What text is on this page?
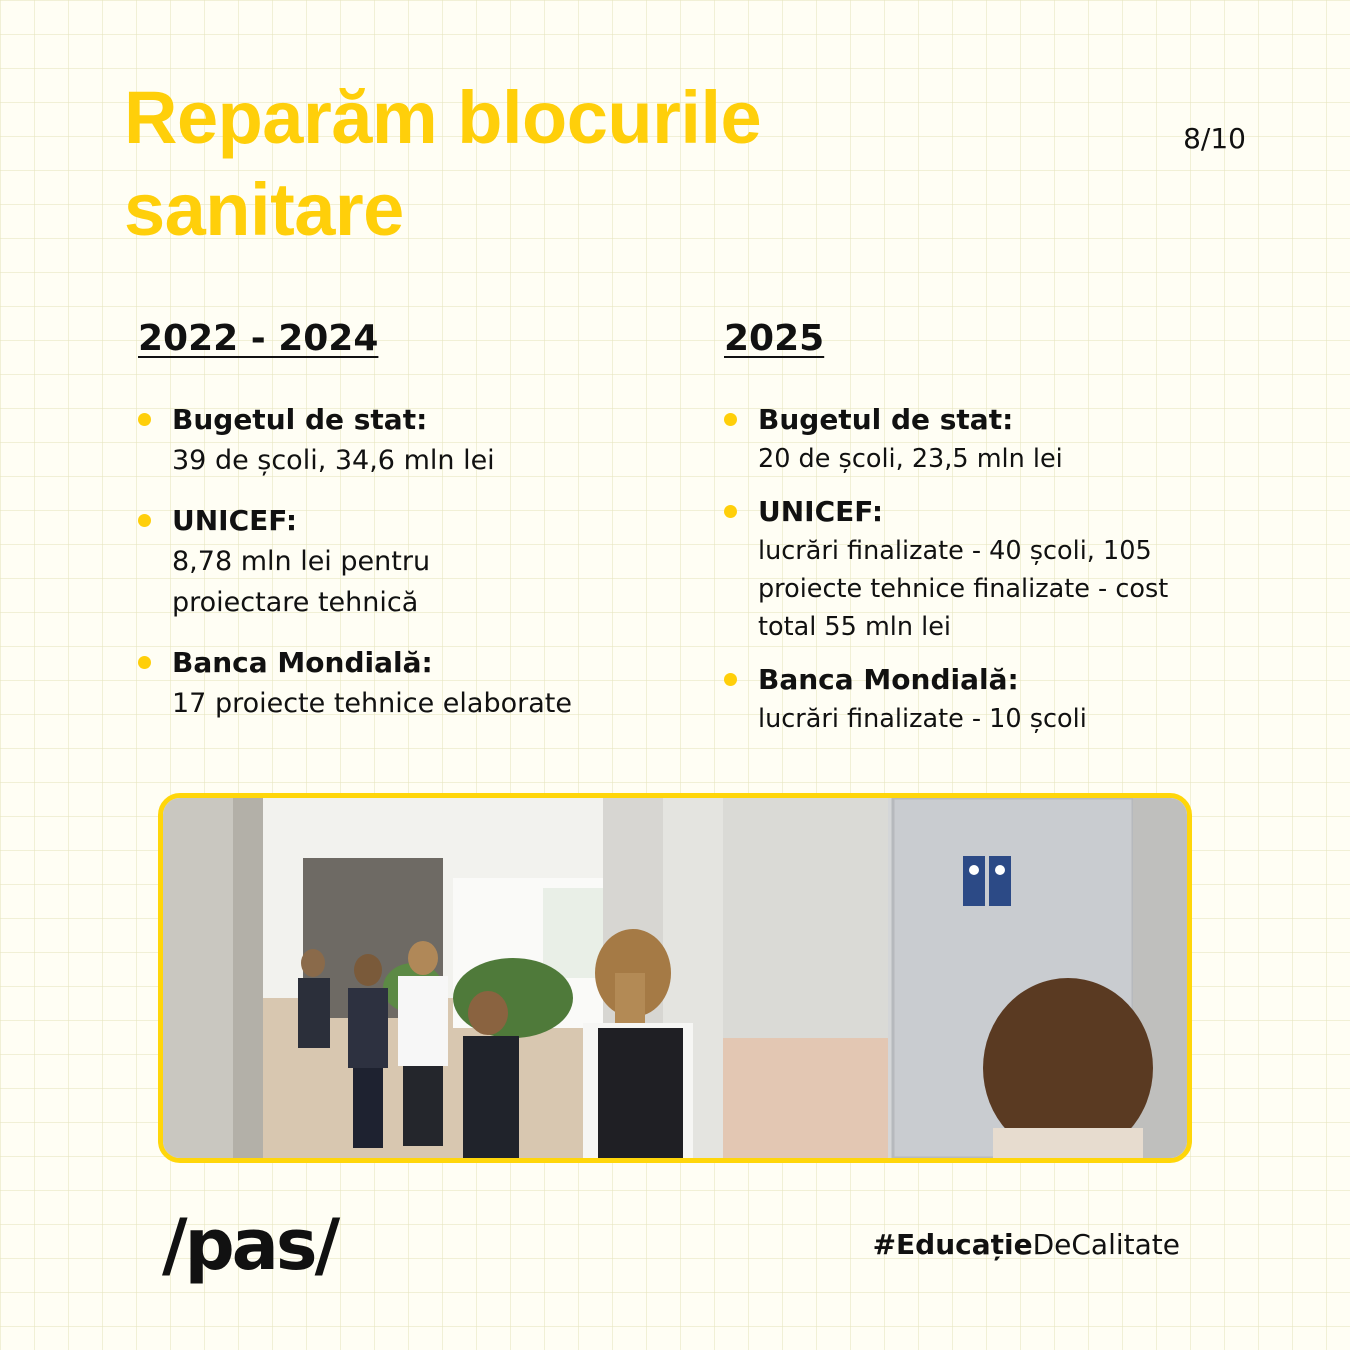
Reparăm blocurile sanitare
8/10
2022 - 2024
Bugetul de stat:
39 de școli, 34,6 mln lei
UNICEF:
8,78 mln lei pentru proiectare tehnică
Banca Mondială:
17 proiecte tehnice elaborate
2025
Bugetul de stat:
20 de școli, 23,5 mln lei
UNICEF:
lucrări finalizate - 40 școli, 105 proiecte tehnice finalizate - cost total 55 mln lei
Banca Mondială:
lucrări finalizate - 10 școli
/pas/	#EducațieDeCalitate
